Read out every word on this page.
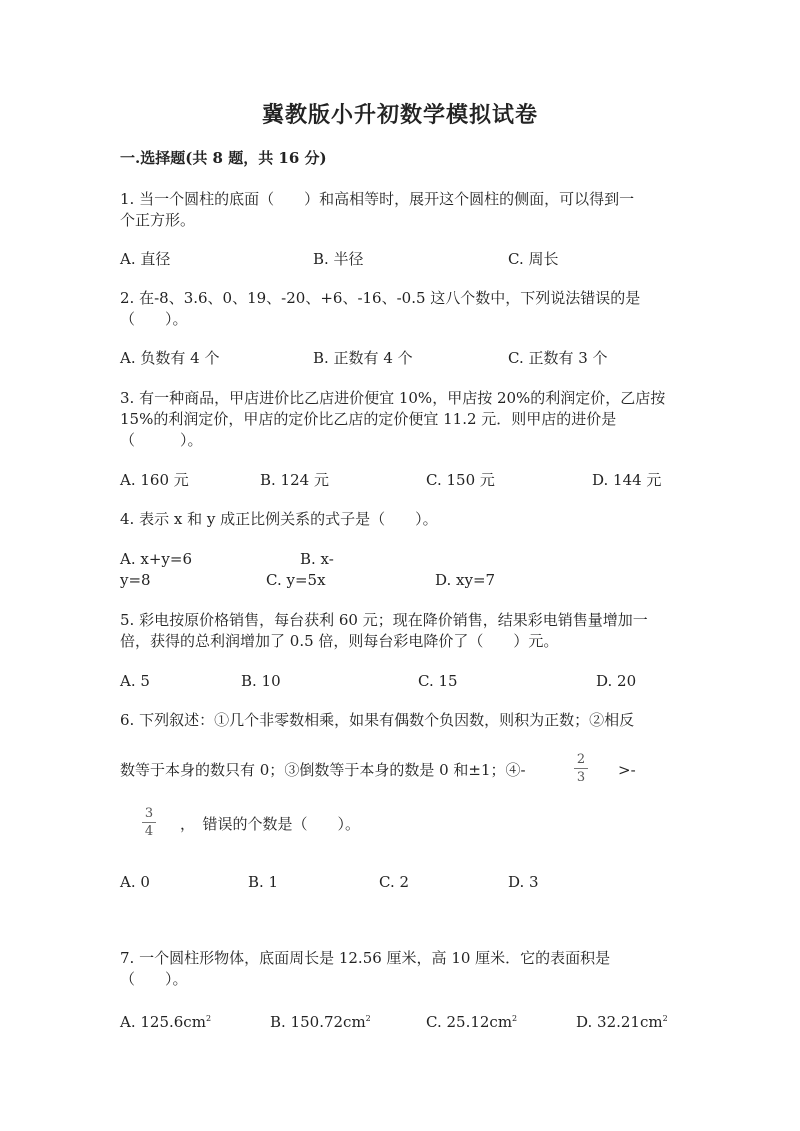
冀教版小升初数学模拟试卷
一.选择题(共 8 题，共 16 分)
1. 当一个圆柱的底面（　　）和高相等时，展开这个圆柱的侧面，可以得到一
个正方形。
A. 直径	B. 半径	C. 周长
2. 在-8、3.6、0、19、-20、+6、-16、-0.5 这八个数中，下列说法错误的是
（　　）。
A. 负数有 4 个	B. 正数有 4 个	C. 正数有 3 个
3. 有一种商品，甲店进价比乙店进价便宜 10%，甲店按 20%的利润定价，乙店按
15%的利润定价，甲店的定价比乙店的定价便宜 11.2 元．则甲店的进价是
（　　　）。
A. 160 元	B. 124 元	C. 150 元	D. 144 元
4. 表示 x 和 y 成正比例关系的式子是（　　）。
A. x+y=6	B. x-
y=8	C. y=5x	D. xy=7
5. 彩电按原价格销售，每台获利 60 元；现在降价销售，结果彩电销售量增加一
倍，获得的总利润增加了 0.5 倍，则每台彩电降价了（　　）元。
A. 5	B. 10	C. 15	D. 20
6. 下列叙述：①几个非零数相乘，如果有偶数个负因数，则积为正数；②相反
数等于本身的数只有 0；③倒数等于本身的数是 0 和±1；④-
2
3	>-
3
4	，　错误的个数是（　　）。
A. 0	B. 1	C. 2	D. 3
7. 一个圆柱形物体，底面周长是 12.56 厘米，高 10 厘米．它的表面积是
（　　）。
A. $125.6cm^2$	B. $150.72cm^2$	C. $25.12cm^2$	D. $32.21cm^2$
